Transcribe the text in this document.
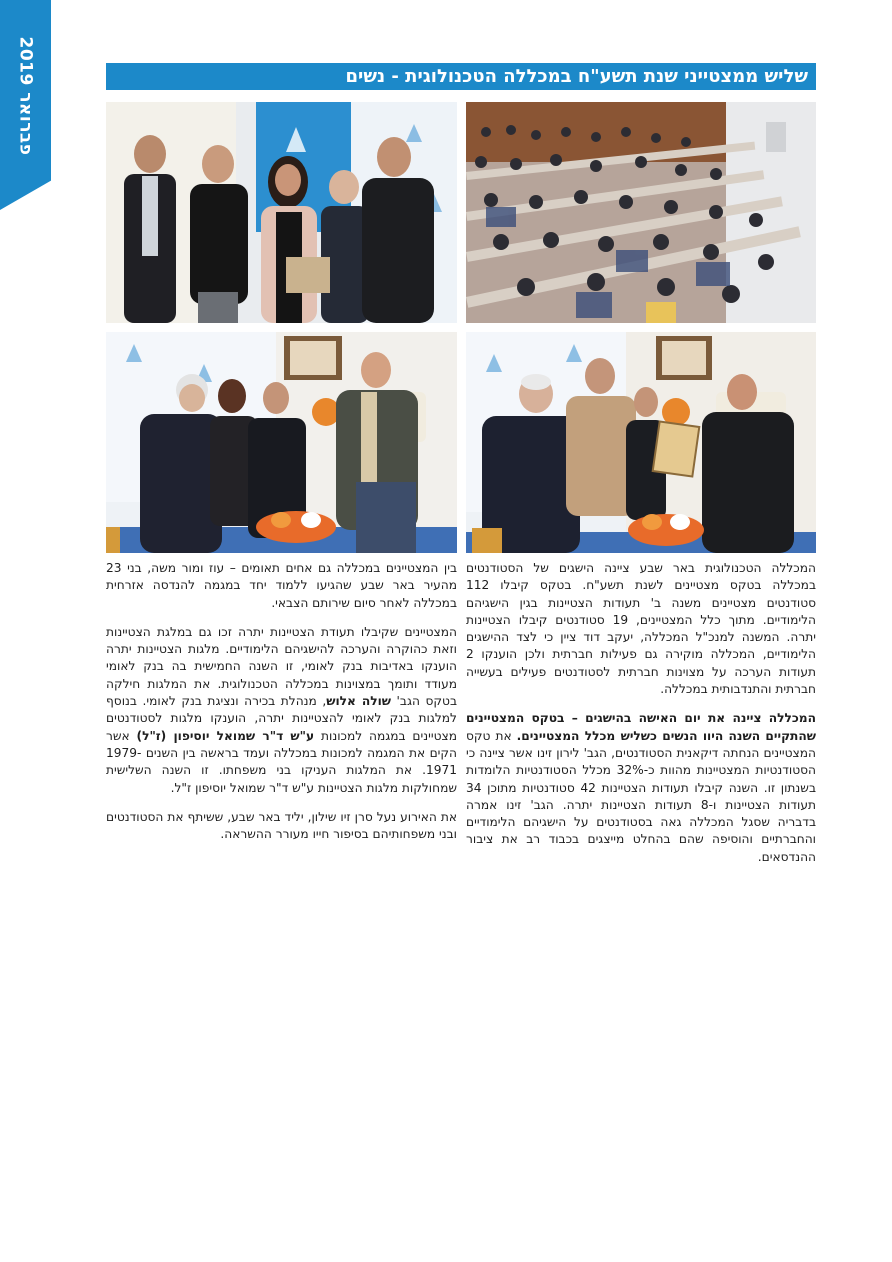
פברואר 2019
שליש ממצטייני שנת תשע"ח במכללה הטכנולוגית - נשים

המכללה הטכנולוגית באר שבע ציינה הישגים של הסטודנטים במכללה בטקס מצטיינים לשנת תשע"ח. בטקס קיבלו 112 סטודנטים מצטיינים משנה ב' תעודות הצטיינות בגין הישגיהם הלימודיים. מתוך כלל המצטיינים, 19 סטודנטים קיבלו הצטיינות יתרה. המשנה למנכ"ל המכללה, יעקב דוד ציין כי לצד ההישגים הלימודיים, המכללה מוקירה גם פעילות חברתית ולכן הוענקו 2 תעודות הערכה על מצוינות חברתית לסטודנטים פעילים בעשייה חברתית והתנדבותית במכללה.

המכללה ציינה את יום האישה בהישגים – בטקס המצטיינים שהתקיים השנה היוו הנשים כשליש מכלל המצטיינים. את טקס המצטיינים הנחתה דיקאנית הסטודנטים, הגב' לירון זינו אשר ציינה כי הסטודנטיות המצטיינות מהוות כ-32% מכלל הסטודנטיות הלומדות בשנתון זו. השנה קיבלו תעודות הצטיינות 42 סטודנטיות מתוכן 34 תעודות הצטיינות ו-8 תעודות הצטיינות יתרה. הגב' זינו אמרה בדבריה שסגל המכללה גאה בסטודנטים על הישגיהם הלימודיים והחברתיים והוסיפה שהם בהחלט מייצגים בכבוד רב את ציבור ההנדסאים.

בין המצטיינים במכללה גם אחים תאומים – עוז ומור משה, בני 23 מהעיר באר שבע שהגיעו ללמוד יחד במגמה להנדסה אזרחית במכללה לאחר סיום שירותם הצבאי.

המצטיינים שקיבלו תעודת הצטיינות יתרה זכו גם במלגת הצטיינות וזאת כהוקרה והערכה להישגיהם הלימודיים. מלגות הצטיינות יתרה הוענקו באדיבות בנק לאומי, זו השנה החמישית בה בנק לאומי מעודד ותומך במצוינות במכללה הטכנולוגית. את המלגות חילקה בטקס הגב' שולה אלוש, מנהלת בכירה ונציגת בנק לאומי. בנוסף למלגות בנק לאומי להצטיינות יתרה, הוענקו מלגות לסטודנטים מצטיינים במגמה למכונות ע"ש ד"ר שמואל יוסיפון (ז"ל) אשר הקים את המגמה למכונות במכללה ועמד בראשה בין השנים 1979-1971. את המלגות העניקו בני משפחתו. זו השנה השלישית שמחולקות מלגות הצטיינות ע"ש ד"ר שמואל יוסיפון ז"ל.

את האירוע נעל סרן זיו שילון, יליד באר שבע, ששיתף את הסטודנטים ובני משפחותיהם בסיפור חייו מעורר ההשראה.
